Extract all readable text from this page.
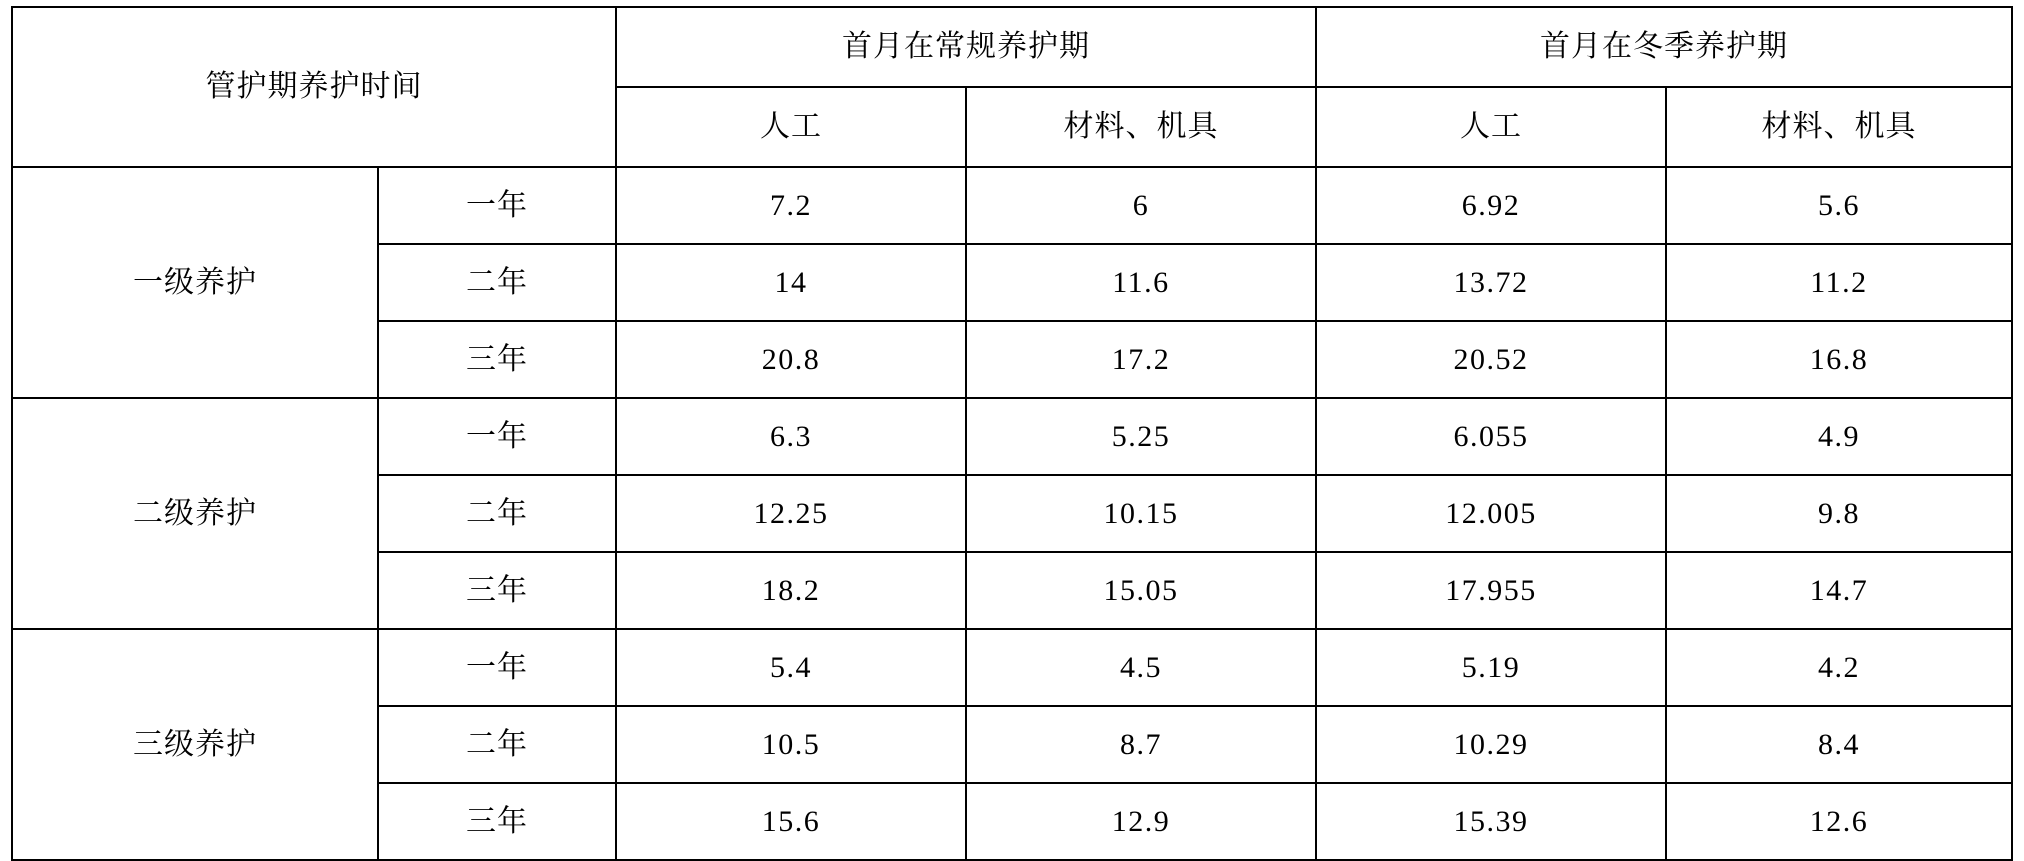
管护期养护时间		首月在常规养护期		首月在冬季养护期	
		人工	材料、机具	人工	材料、机具
一级养护	一年	7.2	6	6.92	5.6
	二年	14	11.6	13.72	11.2
	三年	20.8	17.2	20.52	16.8
二级养护	一年	6.3	5.25	6.055	4.9
	二年	12.25	10.15	12.005	9.8
	三年	18.2	15.05	17.955	14.7
三级养护	一年	5.4	4.5	5.19	4.2
	二年	10.5	8.7	10.29	8.4
	三年	15.6	12.9	15.39	12.6
